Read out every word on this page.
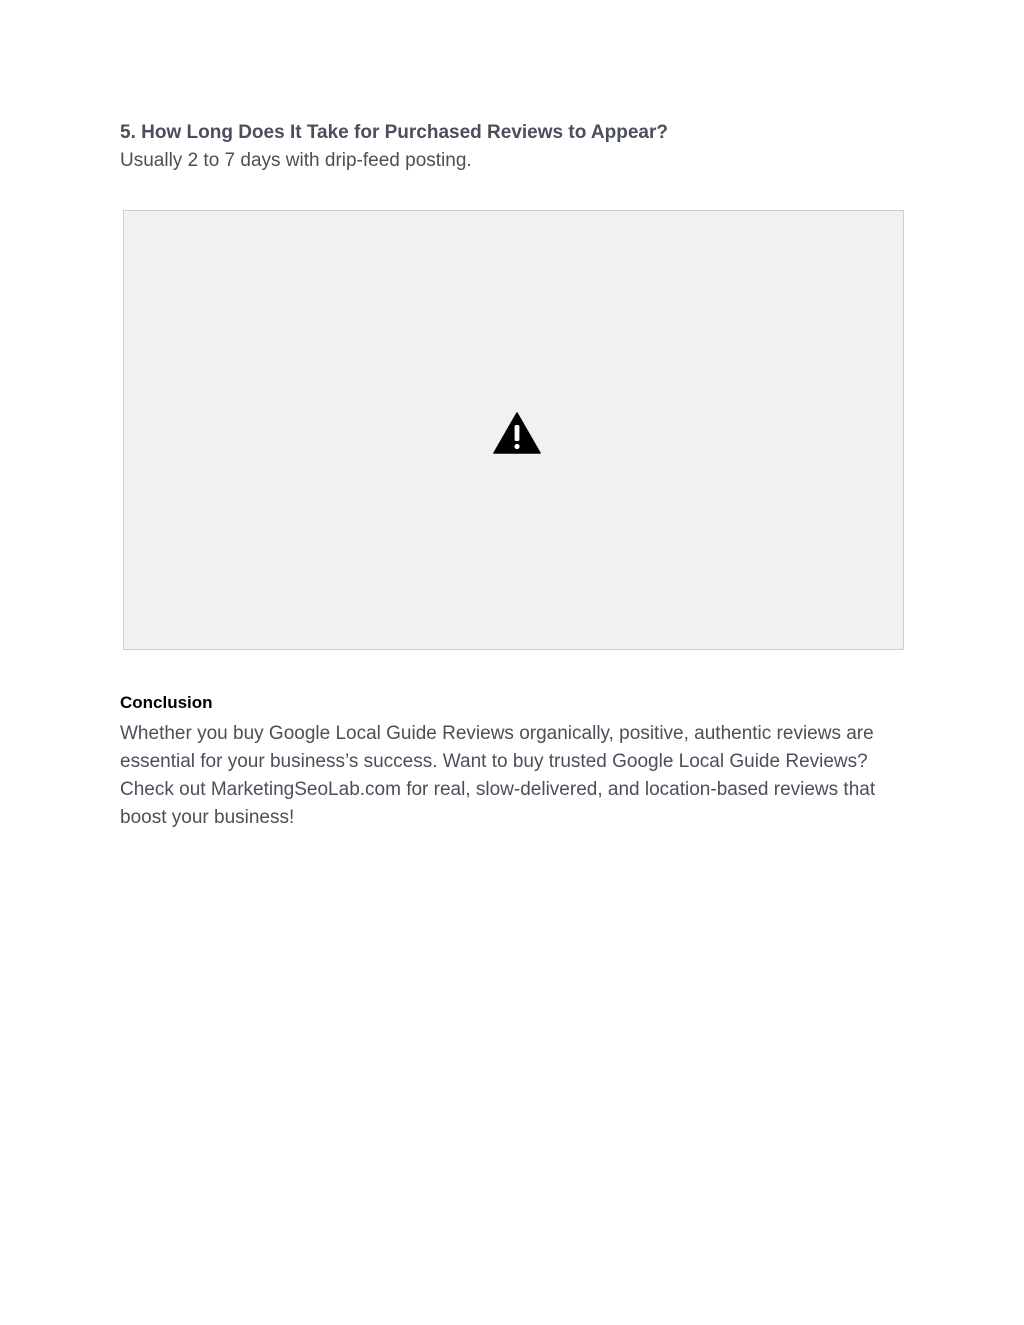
5. How Long Does It Take for Purchased Reviews to Appear?

Usually 2 to 7 days with drip-feed posting.

Conclusion

Whether you buy Google Local Guide Reviews organically, positive, authentic reviews are essential for your business’s success. Want to buy trusted Google Local Guide Reviews? Check out MarketingSeoLab.com for real, slow-delivered, and location-based reviews that boost your business!
